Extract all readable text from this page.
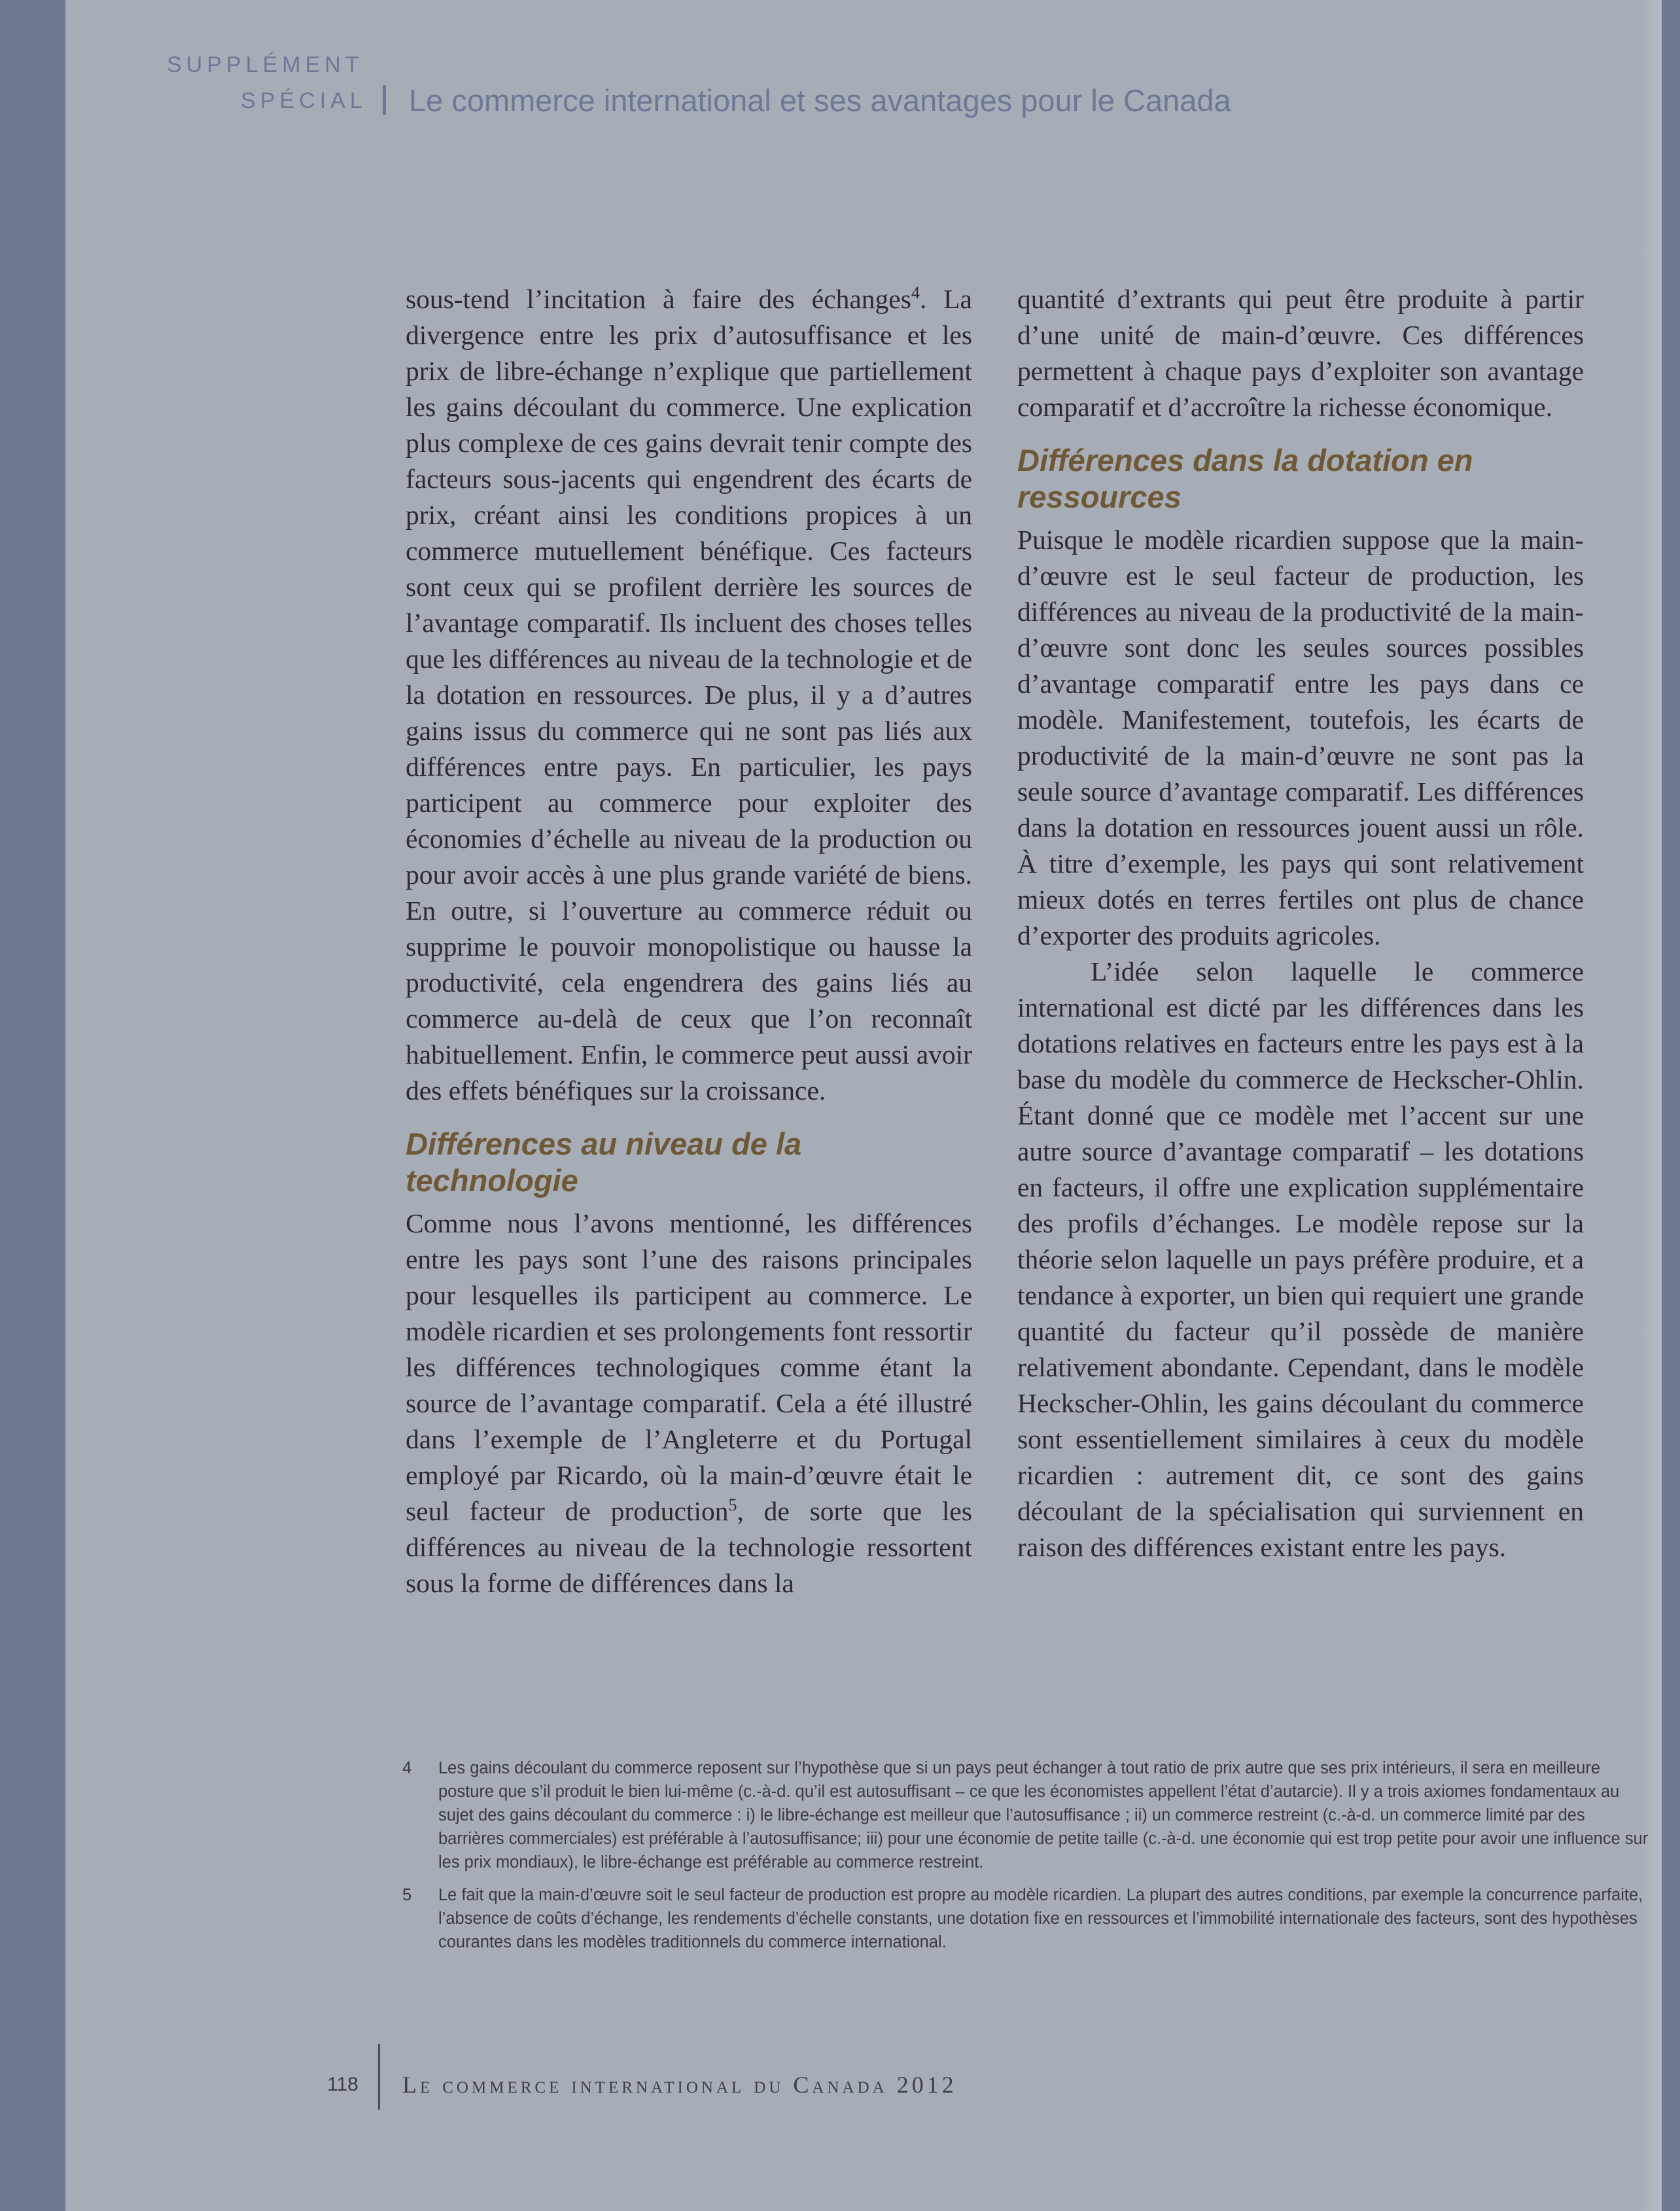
SUPPLÉMENT
SPÉCIAL Le commerce international et ses avantages pour le Canada

sous-tend l’incitation à faire des échanges$^4$. La divergence entre les prix d’autosuffisance et les prix de libre-échange n’explique que partiellement les gains découlant du commerce. Une explication plus complexe de ces gains devrait tenir compte des facteurs sous-jacents qui engendrent des écarts de prix, créant ainsi les conditions propices à un commerce mutuellement bénéfique. Ces facteurs sont ceux qui se profilent derrière les sources de l’avantage comparatif. Ils incluent des choses telles que les différences au niveau de la technologie et de la dotation en ressources. De plus, il y a d’autres gains issus du commerce qui ne sont pas liés aux différences entre pays. En particulier, les pays participent au commerce pour exploiter des économies d’échelle au niveau de la production ou pour avoir accès à une plus grande variété de biens. En outre, si l’ouverture au commerce réduit ou supprime le pouvoir monopolistique ou hausse la productivité, cela engendrera des gains liés au commerce au-delà de ceux que l’on reconnaît habituellement. Enfin, le commerce peut aussi avoir des effets bénéfiques sur la croissance.

Différences au niveau de la technologie

Comme nous l’avons mentionné, les différences entre les pays sont l’une des raisons principales pour lesquelles ils participent au commerce. Le modèle ricardien et ses prolongements font ressortir les différences technologiques comme étant la source de l’avantage comparatif. Cela a été illustré dans l’exemple de l’Angleterre et du Portugal employé par Ricardo, où la main-d’œuvre était le seul facteur de production$^5$, de sorte que les différences au niveau de la technologie ressortent sous la forme de différences dans la

quantité d’extrants qui peut être produite à partir d’une unité de main-d’œuvre. Ces différences permettent à chaque pays d’exploiter son avantage comparatif et d’accroître la richesse économique.

Différences dans la dotation en ressources

Puisque le modèle ricardien suppose que la main-d’œuvre est le seul facteur de production, les différences au niveau de la productivité de la main-d’œuvre sont donc les seules sources possibles d’avantage comparatif entre les pays dans ce modèle. Manifestement, toutefois, les écarts de productivité de la main-d’œuvre ne sont pas la seule source d’avantage comparatif. Les différences dans la dotation en ressources jouent aussi un rôle. À titre d’exemple, les pays qui sont relativement mieux dotés en terres fertiles ont plus de chance d’exporter des produits agricoles.

L’idée selon laquelle le commerce international est dicté par les différences dans les dotations relatives en facteurs entre les pays est à la base du modèle du commerce de Heckscher-Ohlin. Étant donné que ce modèle met l’accent sur une autre source d’avantage comparatif – les dotations en facteurs, il offre une explication supplémentaire des profils d’échanges. Le modèle repose sur la théorie selon laquelle un pays préfère produire, et a tendance à exporter, un bien qui requiert une grande quantité du facteur qu’il possède de manière relativement abondante. Cependant, dans le modèle Heckscher-Ohlin, les gains découlant du commerce sont essentiellement similaires à ceux du modèle ricardien : autrement dit, ce sont des gains découlant de la spécialisation qui surviennent en raison des différences existant entre les pays.

4 Les gains découlant du commerce reposent sur l’hypothèse que si un pays peut échanger à tout ratio de prix autre que ses prix intérieurs, il sera en meilleure posture que s’il produit le bien lui-même (c.-à-d. qu’il est autosuffisant – ce que les économistes appellent l’état d’autarcie). Il y a trois axiomes fondamentaux au sujet des gains découlant du commerce : i) le libre-échange est meilleur que l’autosuffisance ; ii) un commerce restreint (c.-à-d. un commerce limité par des barrières commerciales) est préférable à l’autosuffisance; iii) pour une économie de petite taille (c.-à-d. une économie qui est trop petite pour avoir une influence sur les prix mondiaux), le libre-échange est préférable au commerce restreint.
5 Le fait que la main-d’œuvre soit le seul facteur de production est propre au modèle ricardien. La plupart des autres conditions, par exemple la concurrence parfaite, l’absence de coûts d’échange, les rendements d’échelle constants, une dotation fixe en ressources et l’immobilité internationale des facteurs, sont des hypothèses courantes dans les modèles traditionnels du commerce international.
118 Le commerce international du Canada 2012
